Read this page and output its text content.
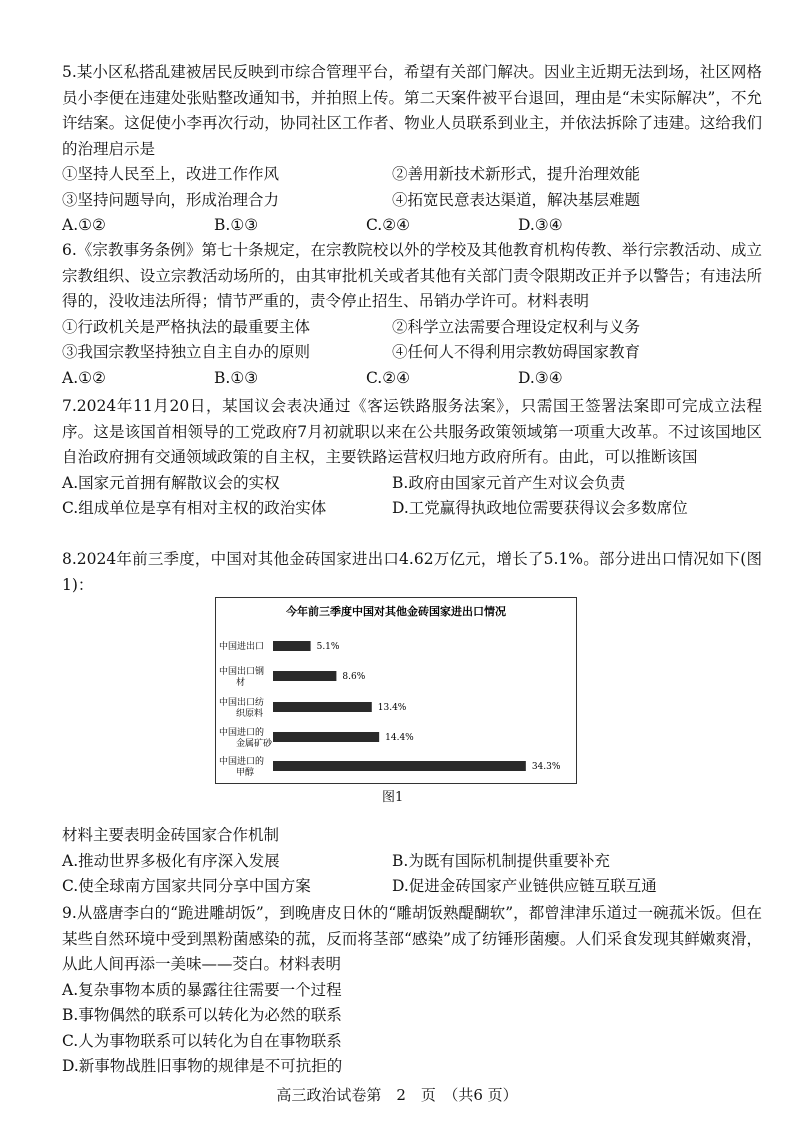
5.某小区私搭乱建被居民反映到市综合管理平台，希望有关部门解决。因业主近期无法到场，社区网格员小李便在违建处张贴整改通知书，并拍照上传。第二天案件被平台退回，理由是“未实际解决”，不允许结案。这促使小李再次行动，协同社区工作者、物业人员联系到业主，并依法拆除了违建。这给我们的治理启示是
①坚持人民至上，改进工作作风	②善用新技术新形式，提升治理效能
③坚持问题导向，形成治理合力	④拓宽民意表达渠道，解决基层难题
A.①②	B.①③	C.②④	D.③④
6.《宗教事务条例》第七十条规定，在宗教院校以外的学校及其他教育机构传教、举行宗教活动、成立宗教组织、设立宗教活动场所的，由其审批机关或者其他有关部门责令限期改正并予以警告；有违法所得的，没收违法所得；情节严重的，责令停止招生、吊销办学许可。材料表明
①行政机关是严格执法的最重要主体	②科学立法需要合理设定权利与义务
③我国宗教坚持独立自主自办的原则	④任何人不得利用宗教妨碍国家教育
A.①②	B.①③	C.②④	D.③④
7.2024年11月20日，某国议会表决通过《客运铁路服务法案》，只需国王签署法案即可完成立法程序。这是该国首相领导的工党政府7月初就职以来在公共服务政策领域第一项重大改革。不过该国地区自治政府拥有交通领域政策的自主权，主要铁路运营权归地方政府所有。由此，可以推断该国
A.国家元首拥有解散议会的实权	B.政府由国家元首产生对议会负责
C.组成单位是享有相对主权的政治实体	D.工党赢得执政地位需要获得议会多数席位
8.2024年前三季度，中国对其他金砖国家进出口4.62万亿元，增长了5.1%。部分进出口情况如下(图1)：
今年前三季度中国对其他金砖国家进出口情况
中国进出口	5.1%
中国出口钢材
8.6%
中国出口纺织原料
13.4%
中国进口的金属矿砂
14.4%
中国进口的甲醇
34.3%
图1
材料主要表明金砖国家合作机制
A.推动世界多极化有序深入发展	B.为既有国际机制提供重要补充
C.使全球南方国家共同分享中国方案	D.促进金砖国家产业链供应链互联互通
9.从盛唐李白的“跪进雕胡饭”，到晚唐皮日休的“雕胡饭熟醍醐软”，都曾津津乐道过一碗菰米饭。但在某些自然环境中受到黑粉菌感染的菰，反而将茎部“感染”成了纺锤形菌瘿。人们采食发现其鲜嫩爽滑，从此人间再添一美味——茭白。材料表明
A.复杂事物本质的暴露往往需要一个过程
B.事物偶然的联系可以转化为必然的联系
C.人为事物联系可以转化为自在事物联系
D.新事物战胜旧事物的规律是不可抗拒的
高三政治试卷第　2　页　（共6 页）
